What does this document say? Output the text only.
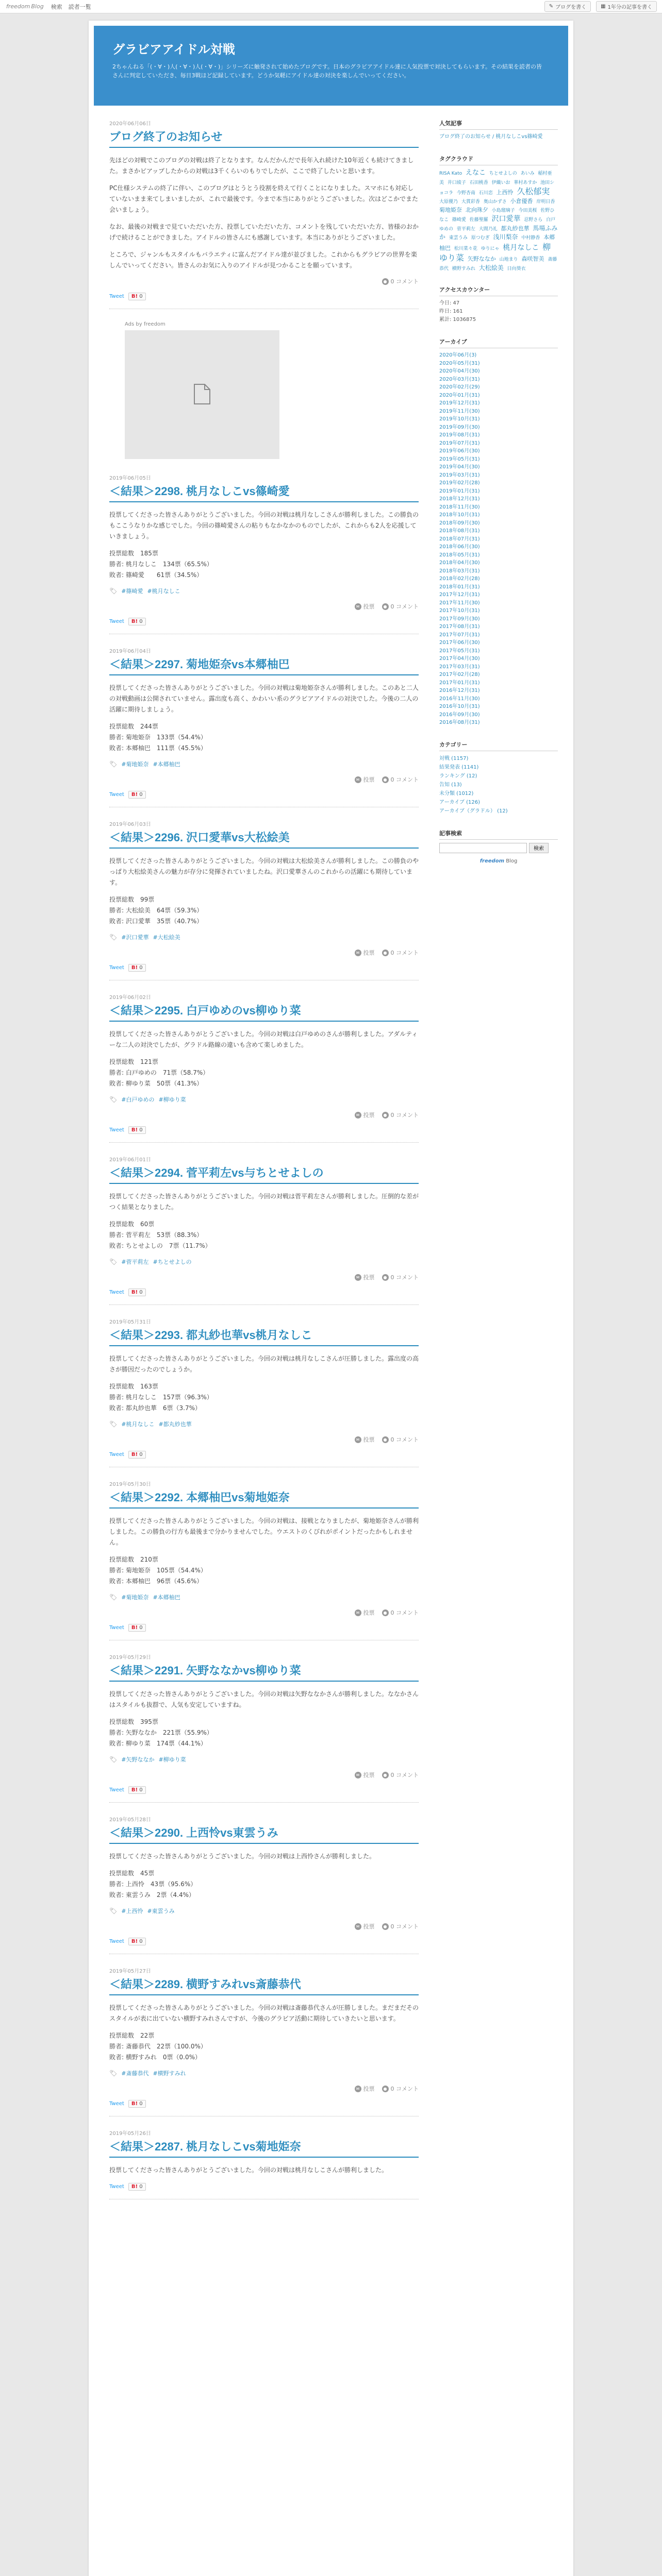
freedom Blog 検索 読者一覧	✎ ブログを書く	▦ 1年分の記事を書く
グラビアアイドル対戦

2ちゃんねる「(・∀・)人(・∀・)人(・∀・)」シリーズに触発されて始めたブログです。日本のグラビアアイドル達に人気投票で対決してもらいます。その結果を読者の皆さんに判定していただき、毎日3戦ほど記録しています。どうか気軽にアイドル達の対決を楽しんでいってください。

2020年06月06日
ブログ終了のお知らせ

先ほどの対戦でこのブログの対戦は終了となります。なんだかんだで長年入れ続けた10年近くも続けてきました。まさかピアップしたからの対戦は3千くらいのもりでしたが、ここで終了したいと思います。

PC仕様システムの終了に伴い、このブログはとうとう役割を終えて行くことになりました。スマホにも対応していないまま来てしまいましたが、これで最後です。今まで本当にありがとうございました。次はどこかでまた会いましょう。

なお、最後の対戦まで見ていただいた方、投票していただいた方、コメントを残していただいた方、皆様のおかげで続けることができました。アイドルの皆さんにも感謝しています。本当にありがとうございました。

ところで、ジャンルもスタイルもバラエティに富んだアイドル達が並びました。これからもグラビアの世界を楽しんでいってください。皆さんのお気に入りのアイドルが見つかることを願っています。

● 0 コメント
Tweet	B! 0
Ads by freedom
2019年06月05日
＜結果＞2298. 桃月なしこvs篠崎愛

投票してくださった皆さんありがとうございました。今回の対戦は桃月なしこさんが勝利しました。この勝負のもここうなりかな感じでした。今回の篠崎愛さんの粘りもなかなかのものでしたが、これからも2人を応援していきましょう。

投票総数　185票
勝者: 桃月なしこ　134票（65.5%）
敗者: 篠崎愛　　61票（34.5%）

🏷 #篠崎愛 #桃月なしこ
✉ 投票	● 0 コメント
Tweet	B! 0
2019年06月04日
＜結果＞2297. 菊地姫奈vs本郷柚巴

投票してくださった皆さんありがとうございました。今回の対戦は菊地姫奈さんが勝利しました。このあと二人の対戦動画は公開されていません。露出度も高く、かわいい系のグラビアアイドルの対決でした。今後の二人の活躍に期待しましょう。

投票総数　244票
勝者: 菊地姫奈　133票（54.4%）
敗者: 本郷柚巴　111票（45.5%）

🏷 #菊地姫奈 #本郷柚巴
✉ 投票	● 0 コメント
Tweet	B! 0
2019年06月03日
＜結果＞2296. 沢口愛華vs大松絵美

投票してくださった皆さんありがとうございました。今回の対戦は大松絵美さんが勝利しました。この勝負のやっぱり大松絵美さんの魅力が存分に発揮されていましたね。沢口愛華さんのこれからの活躍にも期待しています。

投票総数　99票
勝者: 大松絵美　64票（59.3%）
敗者: 沢口愛華　35票（40.7%）

🏷 #沢口愛華 #大松絵美
✉ 投票	● 0 コメント
Tweet	B! 0
2019年06月02日
＜結果＞2295. 白戸ゆめのvs柳ゆり菜

投票してくださった皆さんありがとうございました。今回の対戦は白戸ゆめのさんが勝利しました。アダルティーな二人の対決でしたが、グラドル路線の違いも含めて楽しめました。

投票総数　121票
勝者: 白戸ゆめの　71票（58.7%）
敗者: 柳ゆり菜　50票（41.3%）

🏷 #白戸ゆめの #柳ゆり菜
✉ 投票	● 0 コメント
Tweet	B! 0
2019年06月01日
＜結果＞2294. 菅平莉左vs与ちとせよしの

投票してくださった皆さんありがとうございました。今回の対戦は菅平莉左さんが勝利しました。圧倒的な差がつく結果となりました。

投票総数　60票
勝者: 菅平莉左　53票（88.3%）
敗者: ちとせよしの　7票（11.7%）

🏷 #菅平莉左 #ちとせよしの
✉ 投票	● 0 コメント
Tweet	B! 0
2019年05月31日
＜結果＞2293. 都丸紗也華vs桃月なしこ

投票してくださった皆さんありがとうございました。今回の対戦は桃月なしこさんが圧勝しました。露出度の高さが勝因だったのでしょうか。

投票総数　163票
勝者: 桃月なしこ　157票（96.3%）
敗者: 都丸紗也華　6票（3.7%）

🏷 #桃月なしこ #都丸紗也華
✉ 投票	● 0 コメント
Tweet	B! 0
2019年05月30日
＜結果＞2292. 本郷柚巴vs菊地姫奈

投票してくださった皆さんありがとうございました。今回の対戦は、接戦となりましたが、菊地姫奈さんが勝利しました。この勝負の行方も最後まで分かりませんでした。ウエストのくびれがポイントだったかもしれません。

投票総数　210票
勝者: 菊地姫奈　105票（54.4%）
敗者: 本郷柚巴　96票（45.6%）

🏷 #菊地姫奈 #本郷柚巴
✉ 投票	● 0 コメント
Tweet	B! 0
2019年05月29日
＜結果＞2291. 矢野ななかvs柳ゆり菜

投票してくださった皆さんありがとうございました。今回の対戦は矢野ななかさんが勝利しました。ななかさんはスタイルも抜群で、人気も安定していますね。

投票総数　395票
勝者: 矢野ななか　221票（55.9%）
敗者: 柳ゆり菜　174票（44.1%）

🏷 #矢野ななか #柳ゆり菜
✉ 投票	● 0 コメント
Tweet	B! 0
2019年05月28日
＜結果＞2290. 上西怜vs東雲うみ

投票してくださった皆さんありがとうございました。今回の対戦は上西怜さんが勝利しました。

投票総数　45票
勝者: 上西怜　43票（95.6%）
敗者: 東雲うみ　2票（4.4%）

🏷 #上西怜 #東雲うみ
✉ 投票	● 0 コメント
Tweet	B! 0
2019年05月27日
＜結果＞2289. 横野すみれvs斎藤恭代

投票してくださった皆さんありがとうございました。今回の対戦は斎藤恭代さんが圧勝しました。まだまだそのスタイルが表に出ていない横野すみれさんですが、今後のグラビア活動に期待していきたいと思います。

投票総数　22票
勝者: 斎藤恭代　22票（100.0%）
敗者: 横野すみれ　0票（0.0%）

🏷 #斎藤恭代 #横野すみれ
✉ 投票	● 0 コメント
Tweet	B! 0
2019年05月26日
＜結果＞2287. 桃月なしこvs菊地姫奈

投票してくださった皆さんありがとうございました。今回の対戦は桃月なしこさんが勝利しました。

Tweet	B! 0
人気記事
ブログ終了のお知らせ / 桃月なしこvs篠崎愛
タグクラウド
RISA Kato えなこ ちとせよしの あいみ 稲村亜美 井口綾子 石田桃香 伊織いお 華村あすか 池田ショコラ 今野杏南 石川恋 上西怜 久松郁実 大原優乃 大貫彩香 奥山かずさ 小倉優香 岸明日香 菊地姫奈 北向珠夕 小島瑠璃子 今田美桜 佐野ひなこ 篠崎愛 佐藤聖羅 沢口愛華 忍野さら 白戸ゆめの 菅平莉左 大間乃礼 都丸紗也華 馬場ふみか 東雲うみ 原つむぎ 浅川梨奈 中村静香 本郷柚巴 松川菜々花 ゆりにゃ 桃月なしこ 柳ゆり菜 矢野ななか 山地まり 森咲智美 斎藤恭代 横野すみれ 大松絵美 日向葵衣
アクセスカウンター
今日: 47
昨日: 161
累計: 1036875
アーカイブ
2020年06月(3)
2020年05月(31)
2020年04月(30)
2020年03月(31)
2020年02月(29)
2020年01月(31)
2019年12月(31)
2019年11月(30)
2019年10月(31)
2019年09月(30)
2019年08月(31)
2019年07月(31)
2019年06月(30)
2019年05月(31)
2019年04月(30)
2019年03月(31)
2019年02月(28)
2019年01月(31)
2018年12月(31)
2018年11月(30)
2018年10月(31)
2018年09月(30)
2018年08月(31)
2018年07月(31)
2018年06月(30)
2018年05月(31)
2018年04月(30)
2018年03月(31)
2018年02月(28)
2018年01月(31)
2017年12月(31)
2017年11月(30)
2017年10月(31)
2017年09月(30)
2017年08月(31)
2017年07月(31)
2017年06月(30)
2017年05月(31)
2017年04月(30)
2017年03月(31)
2017年02月(28)
2017年01月(31)
2016年12月(31)
2016年11月(30)
2016年10月(31)
2016年09月(30)
2016年08月(31)
カテゴリー
対戦 (1157)
結果発表 (1141)
ランキング (12)
告知 (13)
未分類 (1012)
アーカイブ (126)
アーカイブ（グラドル） (12)
記事検索
検索
freedom Blog
